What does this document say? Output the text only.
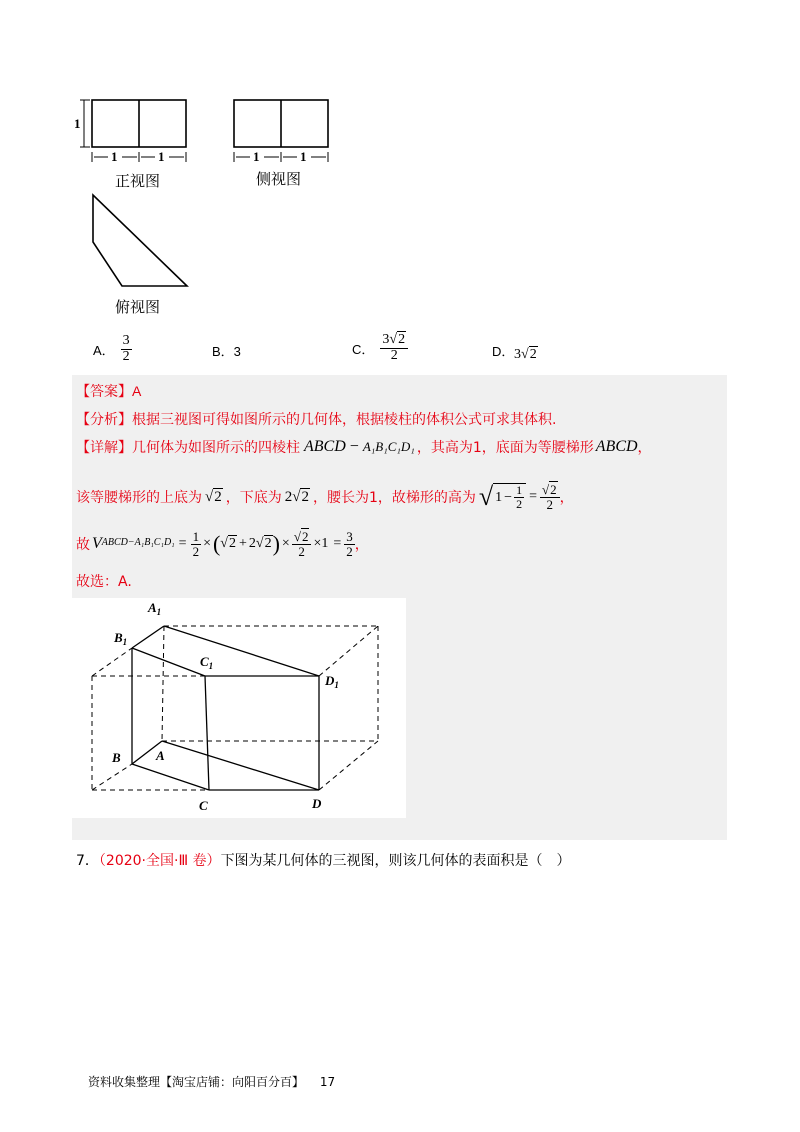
1
1	1	1	1
正视图	侧视图
俯视图
A． $\frac{3}{2}$	B．3	C． $\frac{3√2}{2}$	D． 3√2
【答案】A
【分析】根据三视图可得如图所示的几何体，根据棱柱的体积公式可求其体积.
【详解】 几何体为如图所示的四棱柱 ABCD − A₁B₁C₁D₁ ，其高为1，底面为等腰梯形 ABCD ，
该等腰梯形的上底为 √2 ，下底为 2√2 ，腰长为1，故梯形的高为 √ $1 - \frac{1}{2} = \frac{√2}{2}$ ，
故 V ABCD−A₁B₁C₁D₁ = $\frac{1}{2}$ × ( √2 + 2 √2 ) × $\frac{√2}{2} \times 1 = \frac{3}{2}$ ，
故选：A.
$A_1$
$B_1$
$C_1$
$D_1$
B	A
C	D
7．（2020·全国·Ⅲ 卷）下图为某几何体的三视图，则该几何体的表面积是（　）
资料收集整理【淘宝店铺：向阳百分百】 17
